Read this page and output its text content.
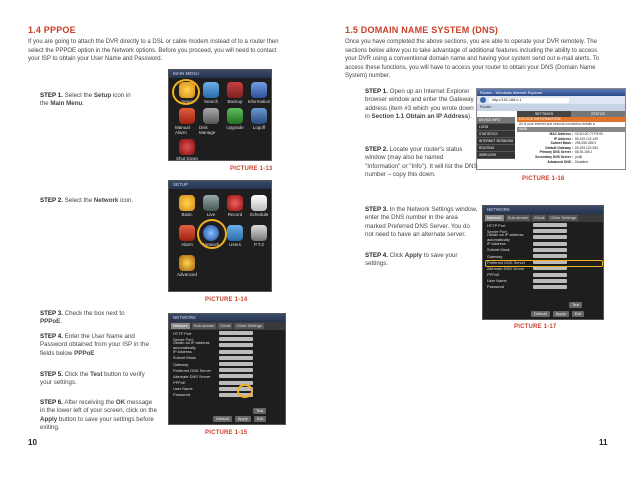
1.4 PPPOE
If you are going to attach the DVR directly to a DSL or cable modem instead of to a router then select the PPPOE option in the Network options. Before you proceed, you will need to contact your ISP to obtain your User Name and Password.
MAIN MENU
Setup Search Backup Information
Manual Alarm
Disk Manage
Upgrade Logoff
Shut Down
STEP 1. Select the Setup icon in the Main Menu.
PICTURE 1-13
SETUP
Basic	Live	Record Schedule
Alarm Network Users	P.T.Z
Advanced
STEP 2. Select the Network icon.
PICTURE 1-14
NETWORK
Network	Sub-stream	Email	Other Settings
HTTP Port
Server Port
Obtain an IP address automatically
IP Address
Subnet Mask
Gateway
Preferred DNS Server
Alternate DNS Server
PPPoE
User Name
Password
Default	Apply	Exit
Test
STEP 3. Check the box next to PPPoE.
STEP 4. Enter the User Name and Password obtained from your ISP in the fields below PPPoE
STEP 5. Click the Test button to verify your settings.
STEP 6. After receiving the OK message in the lower left of your screen, click on the Apply button to save your settings before exiting.
PICTURE 1-15
10
1.5 DOMAIN NAME SYSTEM (DNS)
Once you have completed the above sections, you are able to operate your DVR remotely. The sections below allow you to take advantage of additional features including the ability to access your DVR using a conventional domain name and having your system send out e-mail alerts. To access these functions, you will have to access your router to obtain your DNS (Domain Name System) number.
Router - Windows Internet Explorer
http://192.168.0.1
Router
SETTINGS	STATUS
DEVICE INFO
LOGS
STATISTICS
INTERNET SESSIONS
ROUTING
WIRELESS
DEVICE INFORMATION
All of your Internet and network connection details a
WAN
MAC Address : 00:1D:0C:77:F8:93
IP Address : 69.109.122.149
Subnet Mask : 255.255.255.0
Default Gateway : 69.109.122.254
Primary DNS Server : 68.94.156.1
Secondary DNS Server : (null)
Advanced DNS : Disabled
STEP 1. Open up an Internet Explorer browser window and enter the Gateway address (item #3 which you wrote down in Section 1.1 Obtain an IP Address).
STEP 2. Locate your router's status window (may also be named "Information" or "Info"). It will list the DNS number – copy this down.
PICTURE 1-16
NETWORK
Network	Sub-stream	Email	Other Settings
HTTP Port
Server Port
Obtain an IP address automatically
IP Address
Subnet Mask
Gateway
Preferred DNS Server
Alternate DNS Server
PPPoE
User Name
Password
Default	Apply	Exit
Test
STEP 3. In the Network Settings window, enter the DNS number in the area marked Preferred DNS Server. You do not need to have an alternate server.
STEP 4. Click Apply to save your settings.
PICTURE 1-17
11
